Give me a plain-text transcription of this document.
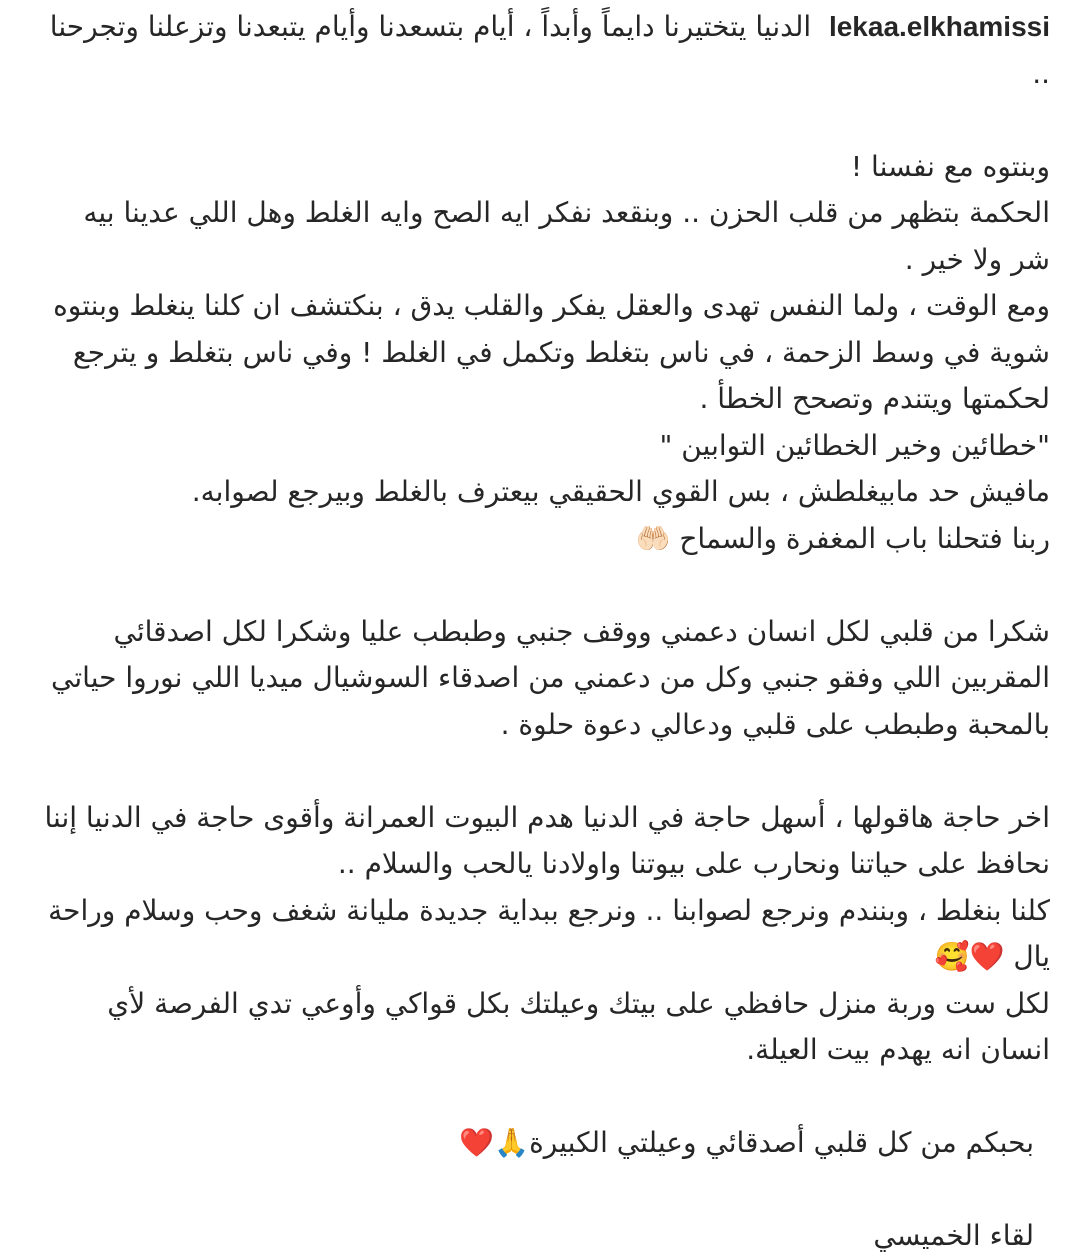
lekaa.elkhamissi  الدنيا يتختيرنا دايماً وأبداً ، أيام بتسعدنا وأيام يتبعدنا وتزعلنا وتجرحنا ..
وبنتوه مع نفسنا !
الحكمة بتظهر من قلب الحزن .. وبنقعد نفكر ايه الصح وايه الغلط وهل اللي عدينا بيه شر ولا خير .
ومع الوقت ، ولما النفس تهدى والعقل يفكر والقلب يدق ، بنكتشف ان كلنا ينغلط وبنتوه شوية في وسط الزحمة ، في ناس بتغلط وتكمل في الغلط ! وفي ناس بتغلط و يترجع لحكمتها ويتندم وتصحح الخطأ .
"خطائين وخير الخطائين التوابين "
مافيش حد مابيغلطش ، بس القوي الحقيقي بيعترف بالغلط وبيرجع لصوابه.
ربنا فتحلنا باب المغفرة والسماح 🤲🏻
شكرا من قلبي لكل انسان دعمني ووقف جنبي وطبطب عليا وشكرا لكل اصدقائي المقربين اللي وفقو جنبي وكل من دعمني من اصدقاء السوشيال ميديا اللي نوروا حياتي بالمحبة وطبطب على قلبي ودعالي دعوة حلوة .
اخر حاجة هاقولها ، أسهل حاجة في الدنيا هدم البيوت العمرانة وأقوى حاجة في الدنيا إننا نحافظ على حياتنا ونحارب على بيوتنا واولادنا يالحب والسلام ..
كلنا بنغلط ، وبنندم ونرجع لصوابنا .. ونرجع ببداية جديدة مليانة شغف وحب وسلام وراحة يال ❤️🥰
لكل ست وربة منزل حافظي على بيتك وعيلتك بكل قواكي وأوعي تدي الفرصة لأي انسان انه يهدم بيت العيلة.
بحبكم من كل قلبي أصدقائي وعيلتي الكبيرة🙏❤️
لقاء الخميسي
